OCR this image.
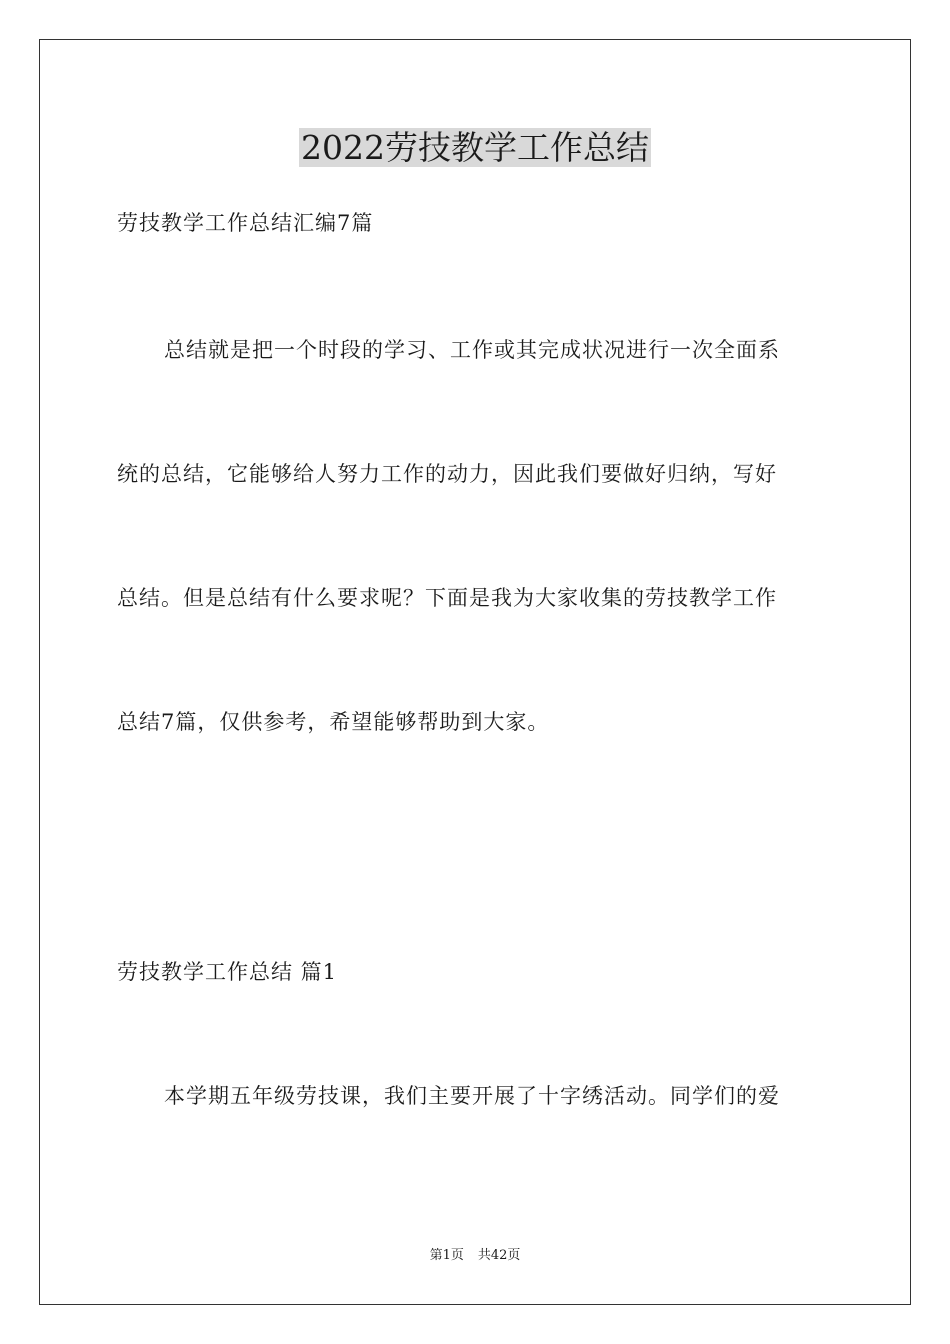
2022劳技教学工作总结
劳技教学工作总结汇编7篇
总结就是把一个时段的学习、工作或其完成状况进行一次全面系
统的总结，它能够给人努力工作的动力，因此我们要做好归纳，写好
总结。但是总结有什么要求呢？下面是我为大家收集的劳技教学工作
总结7篇，仅供参考，希望能够帮助到大家。
劳技教学工作总结 篇1
本学期五年级劳技课，我们主要开展了十字绣活动。同学们的爱
第1页 共42页
